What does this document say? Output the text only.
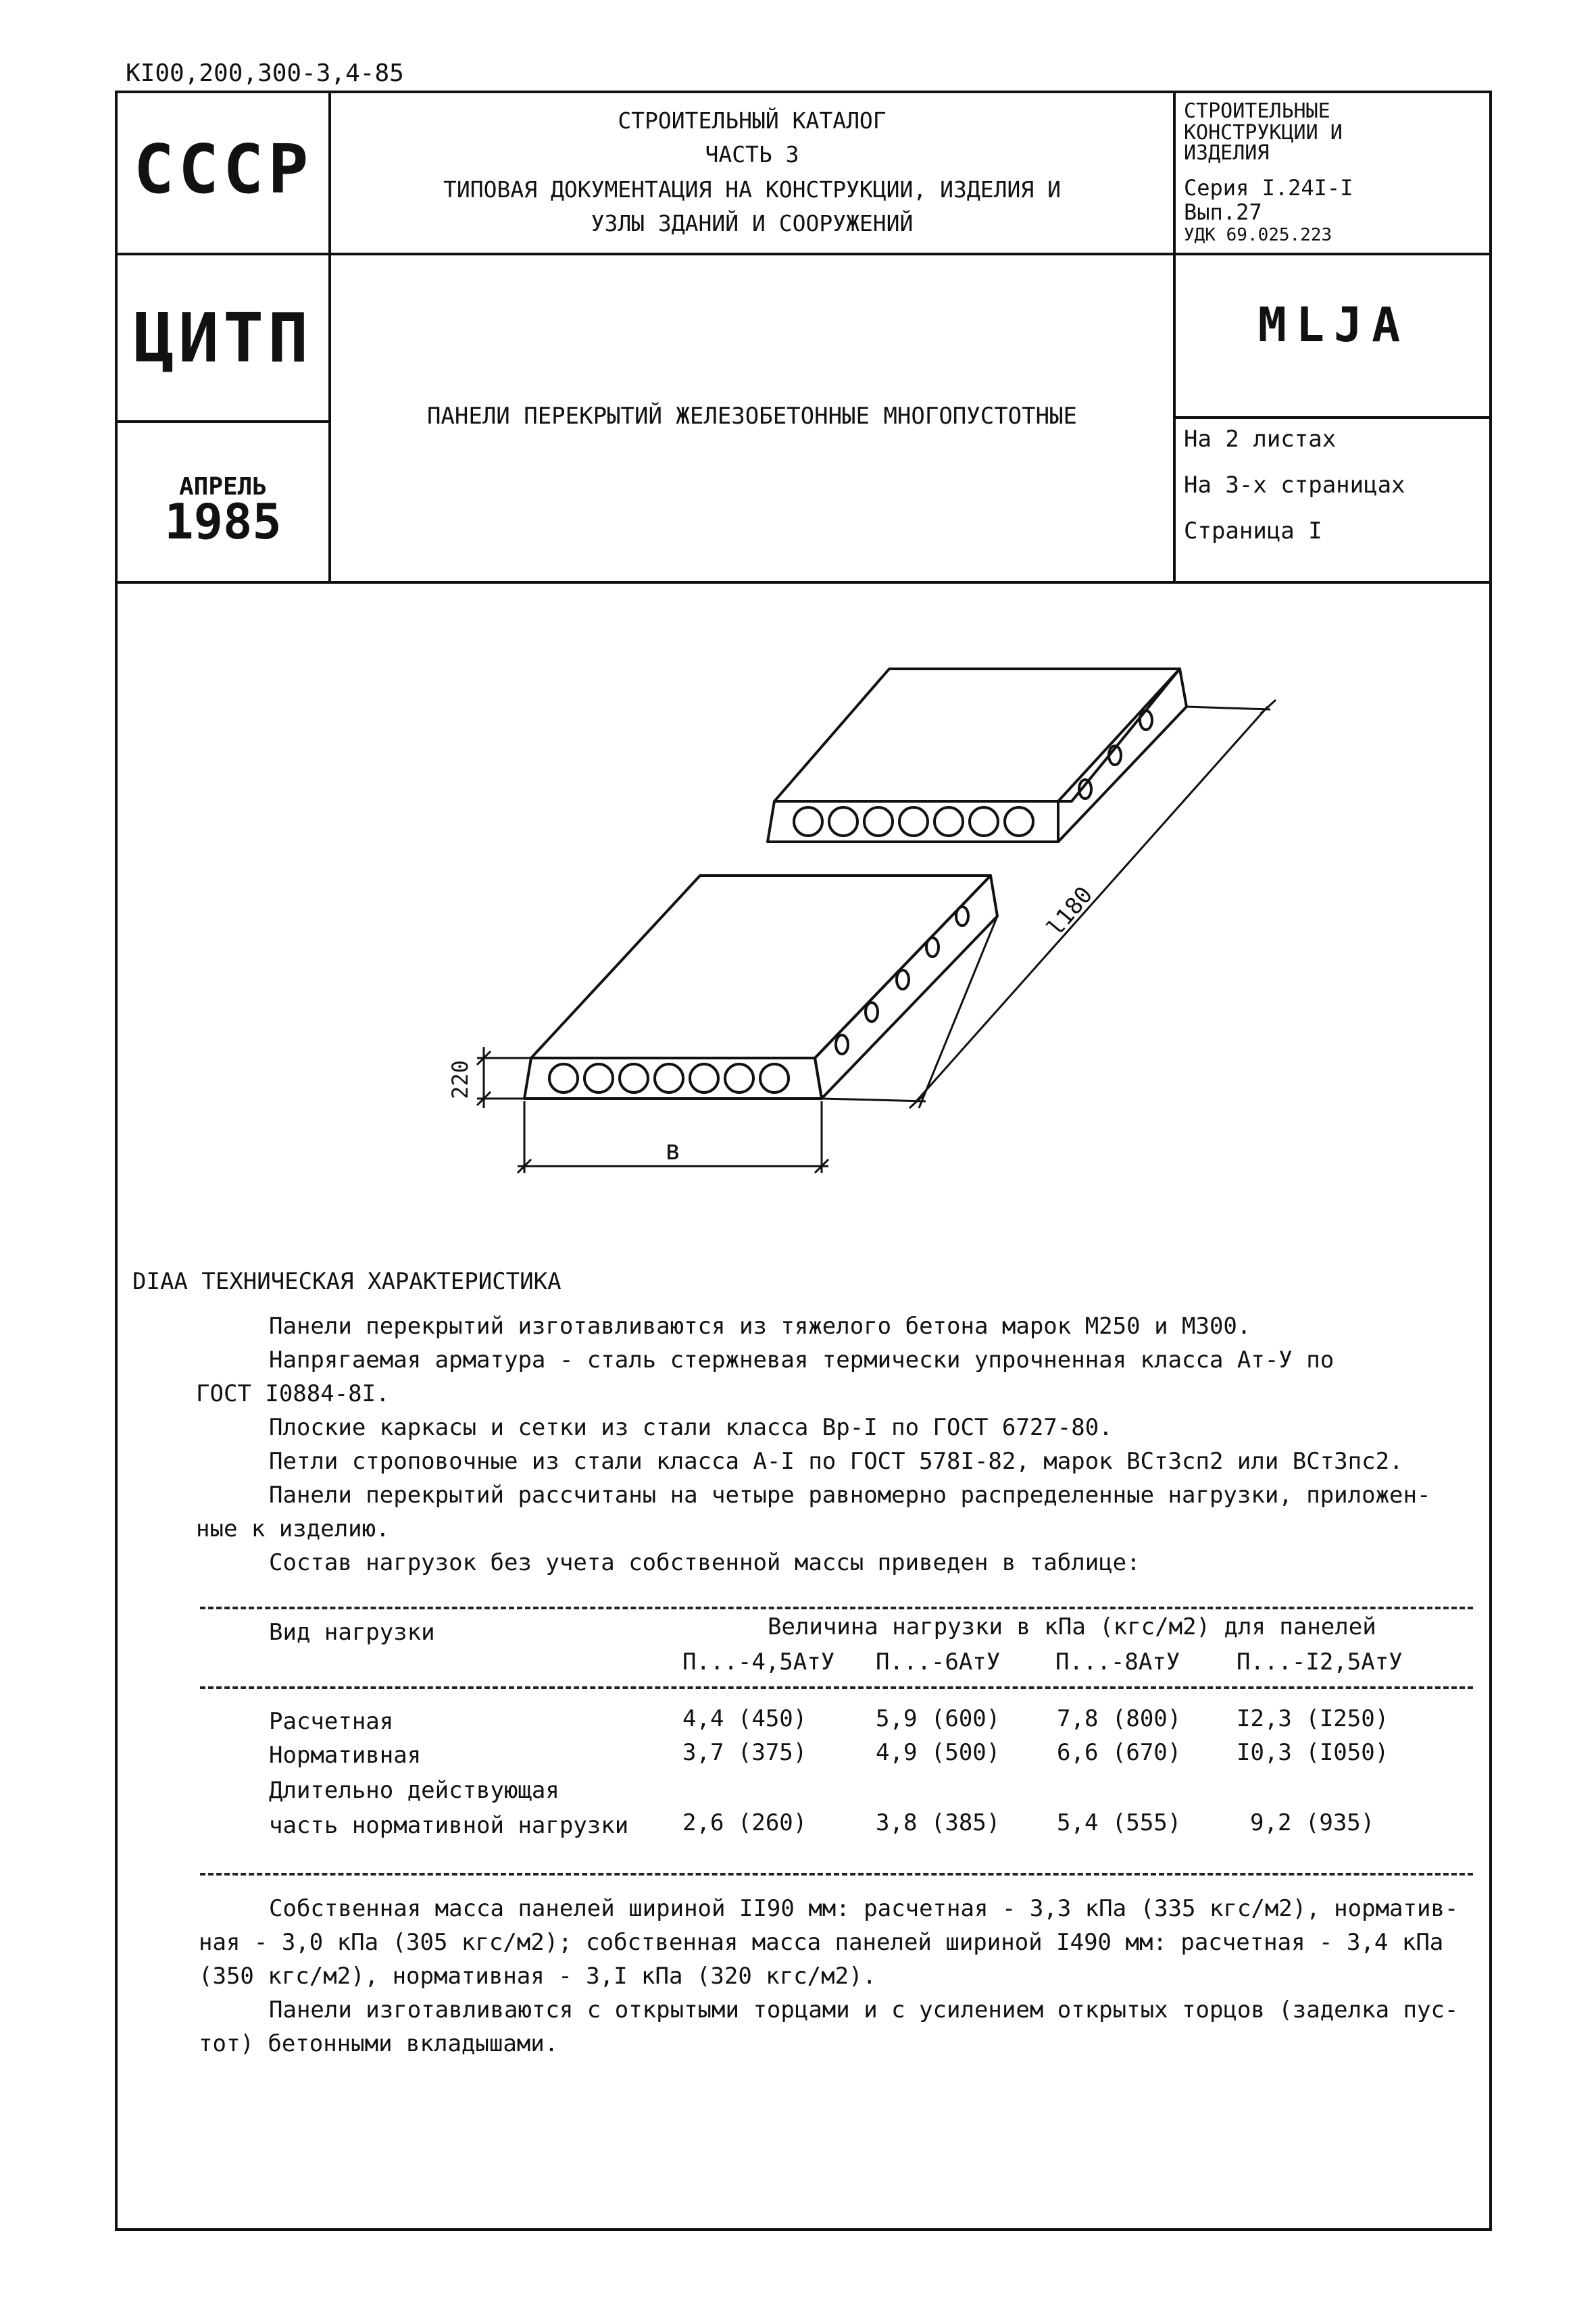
KI00,200,300-3,4-85
СССР
ЦИТП
АПРЕЛЬ
1985
СТРОИТЕЛЬНЫЙ КАТАЛОГ
ЧАСТЬ 3
ТИПОВАЯ ДОКУМЕНТАЦИЯ НА КОНСТРУКЦИИ, ИЗДЕЛИЯ И
УЗЛЫ ЗДАНИЙ И СООРУЖЕНИЙ
СТРОИТЕЛЬНЫЕ
КОНСТРУКЦИИ И
ИЗДЕЛИЯ
Серия I.24I-I
Вып.27
УДК 69.025.223
MLJA
ПАНЕЛИ ПЕРЕКРЫТИЙ ЖЕЛЕЗОБЕТОННЫЕ МНОГОПУСТОТНЫЕ
На 2 листах
На 3-х страницах
Страница I
220
в
l180
DIAA ТЕХНИЧЕСКАЯ ХАРАКТЕРИСТИКА
Панели перекрытий изготавливаются из тяжелого бетона марок М250 и М300.
Напрягаемая арматура - сталь стержневая термически упрочненная класса Ат-У по
ГОСТ I0884-8I.
Плоские каркасы и сетки из стали класса Вр-I по ГОСТ 6727-80.
Петли строповочные из стали класса А-I по ГОСТ 578I-82, марок ВСт3сп2 или ВСт3пс2.
Панели перекрытий рассчитаны на четыре равномерно распределенные нагрузки, приложен-
ные к изделию.
Состав нагрузок без учета собственной массы приведен в таблице:
Вид нагрузки	Величина нагрузки в кПа (кгс/м2) для панелей
П...-4,5АтУ П...-6АтУ П...-8АтУ П...-I2,5АтУ
Расчетная	4,4 (450)	5,9 (600) 7,8 (800) I2,3 (I250)
Нормативная	3,7 (375)	4,9 (500) 6,6 (670) I0,3 (I050)
Длительно действующая
часть нормативной нагрузки 2,6 (260)	3,8 (385) 5,4 (555)	9,2 (935)
Собственная масса панелей шириной II90 мм: расчетная - 3,3 кПа (335 кгс/м2), норматив-
ная - 3,0 кПа (305 кгс/м2); собственная масса панелей шириной I490 мм: расчетная - 3,4 кПа
(350 кгс/м2), нормативная - 3,I кПа (320 кгс/м2).
Панели изготавливаются с открытыми торцами и с усилением открытых торцов (заделка пус-
тот) бетонными вкладышами.
